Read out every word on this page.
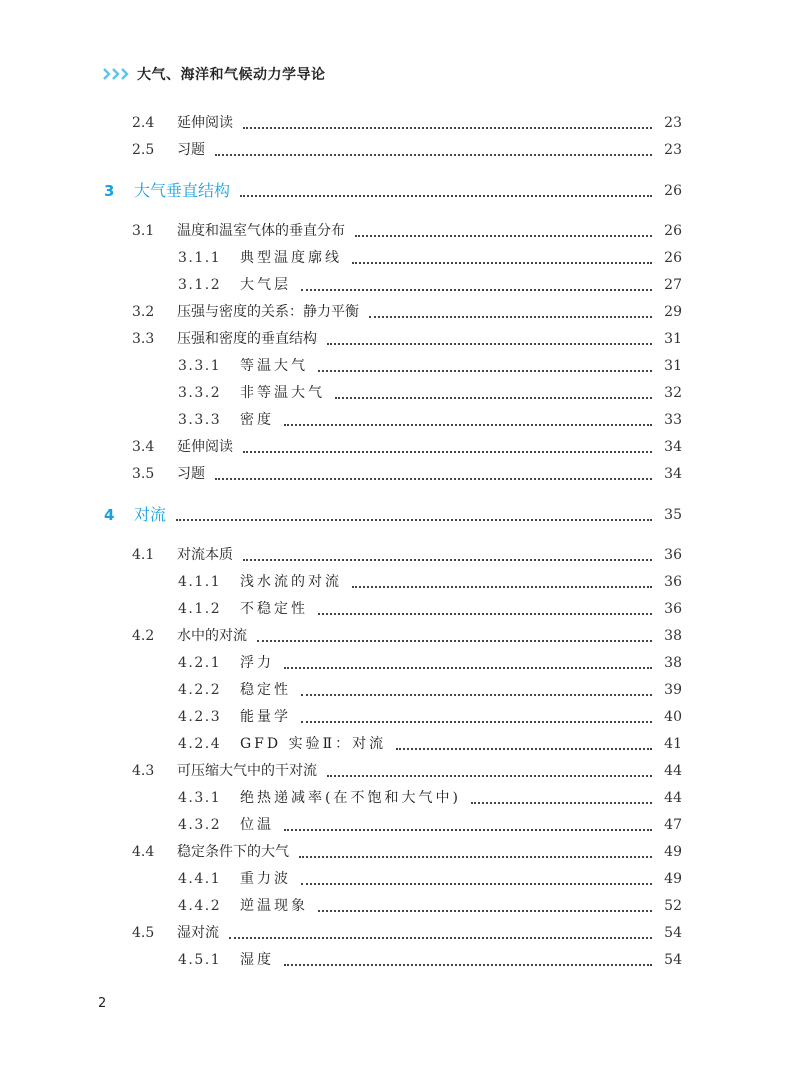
大气、海洋和气候动力学导论
2.4 延伸阅读	23
2.5 习题	23
3 大气垂直结构	26
3.1 温度和温室气体的垂直分布	26
3.1.1 典型温度廓线	26
3.1.2 大气层	27
3.2 压强与密度的关系：静力平衡	29
3.3 压强和密度的垂直结构	31
3.3.1 等温大气	31
3.3.2 非等温大气	32
3.3.3 密度	33
3.4 延伸阅读	34
3.5 习题	34
4 对流	35
4.1 对流本质	36
4.1.1 浅水流的对流	36
4.1.2 不稳定性	36
4.2 水中的对流	38
4.2.1 浮力	38
4.2.2 稳定性	39
4.2.3 能量学	40
4.2.4 GFD 实验Ⅱ：对流	41
4.3 可压缩大气中的干对流	44
4.3.1 绝热递减率(在不饱和大气中)	44
4.3.2 位温	47
4.4 稳定条件下的大气	49
4.4.1 重力波	49
4.4.2 逆温现象	52
4.5 湿对流	54
4.5.1 湿度	54
2
